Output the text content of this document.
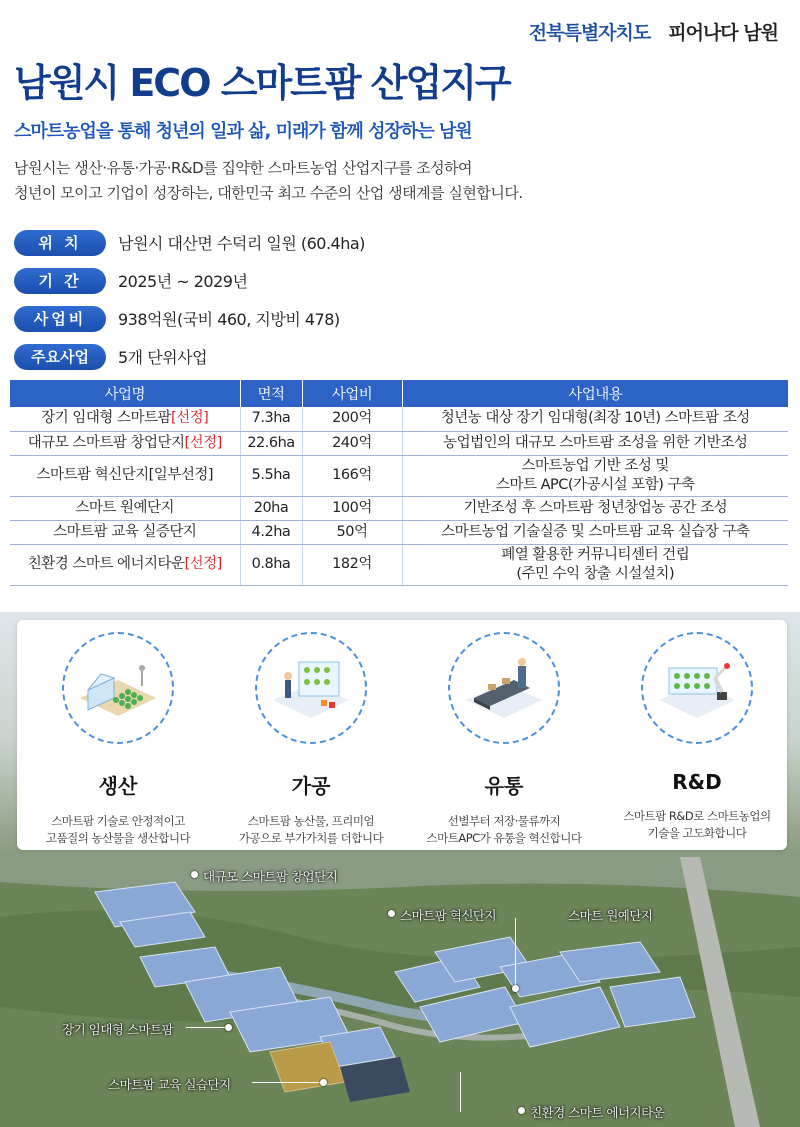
전북특별자치도 피어나다 남원
남원시 ECO 스마트팜 산업지구
스마트농업을 통해 청년의 일과 삶, 미래가 함께 성장하는 남원
남원시는 생산·유통·가공·R&D를 집약한 스마트농업 산업지구를 조성하여
청년이 모이고 기업이 성장하는, 대한민국 최고 수준의 산업 생태계를 실현합니다.
위 치	남원시 대산면 수덕리 일원 (60.4ha)
기 간	2025년 ~ 2029년
사업비	938억원(국비 460, 지방비 478)
주요사업	5개 단위사업
사업명	면적	사업비	사업내용
장기 임대형 스마트팜[선정]	7.3ha	200억	청년농 대상 장기 임대형(최장 10년) 스마트팜 조성
대규모 스마트팜 창업단지[선정]	22.6ha	240억	농업법인의 대규모 스마트팜 조성을 위한 기반조성
스마트팜 혁신단지[일부선정]	5.5ha	166억	스마트농업 기반 조성 및
스마트 APC(가공시설 포함) 구축

스마트 원예단지	20ha	100억	기반조성 후 스마트팜 청년창업농 공간 조성
스마트팜 교육 실증단지	4.2ha	50억	스마트농업 기술실증 및 스마트팜 교육 실습장 구축
친환경 스마트 에너지타운[선정]	0.8ha	182억	폐열 활용한 커뮤니티센터 건립
(주민 수익 창출 시설설치)
생산
스마트팜 기술로 안정적이고
고품질의 농산물을 생산합니다
가공
스마트팜 농산물, 프리미엄
가공으로 부가가치를 더합니다
유통
선별부터 저장·물류까지
스마트APC가 유통을 혁신합니다
R&D
스마트팜 R&D로 스마트농업의
기술을 고도화합니다
대규모 스마트팜 창업단지
스마트팜 혁신단지	스마트 원예단지
장기 임대형 스마트팜
스마트팜 교육 실습단지
친환경 스마트 에너지타운
